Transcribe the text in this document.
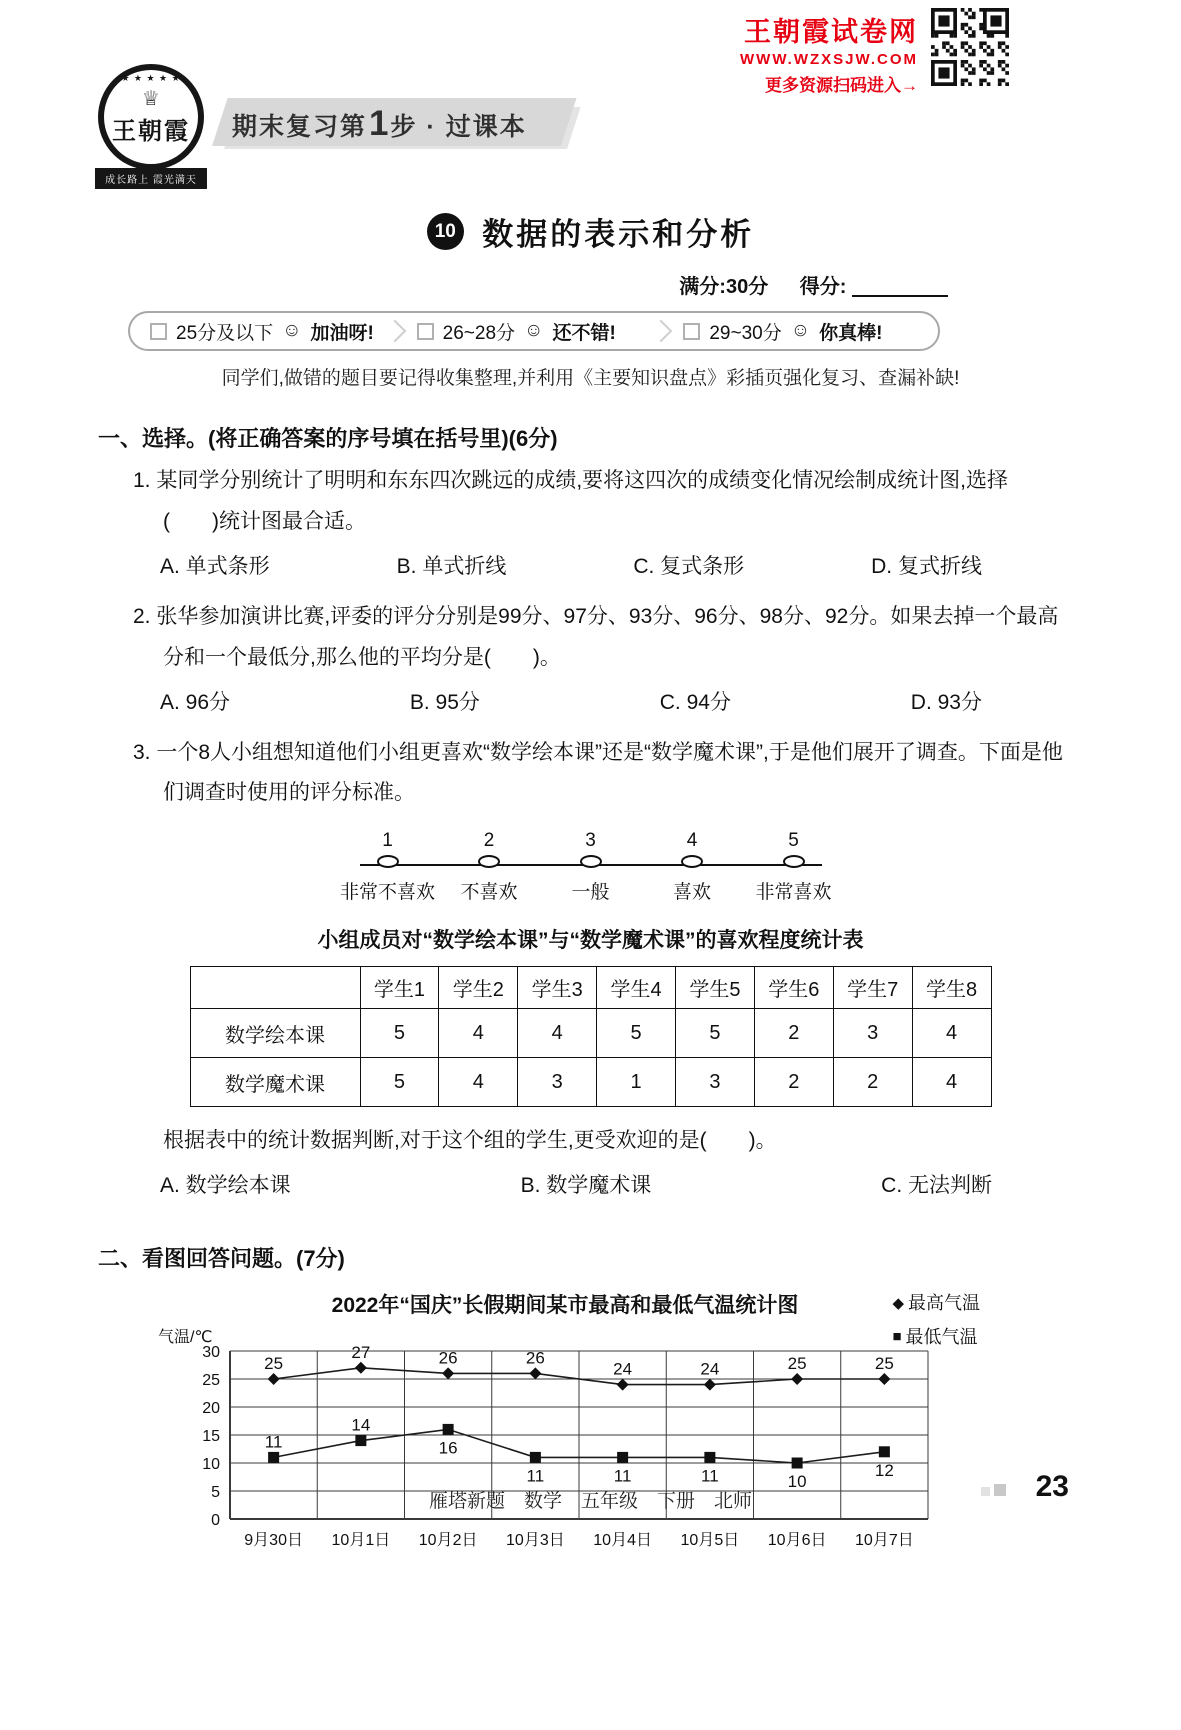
★ ★ ★ ★ ★
♕
王朝霞
成长路上 霞光满天
期末复习第1步 · 过课本
王朝霞试卷网
WWW.WZXSJW.COM
更多资源扫码进入→
10 数据的表示和分析
满分:30分 得分:
25分及以下 ☺ 加油呀!	26~28分 ☺ 还不错!	29~30分 ☺ 你真棒!
同学们,做错的题目要记得收集整理,并利用《主要知识盘点》彩插页强化复习、查漏补缺!
一、选择。(将正确答案的序号填在括号里)(6分)

1. 某同学分别统计了明明和东东四次跳远的成绩,要将这四次的成绩变化情况绘制成统计图,选择(　　)统计图最合适。

A. 单式条形	B. 单式折线	C. 复式条形	D. 复式折线

2. 张华参加演讲比赛,评委的评分分别是99分、97分、93分、96分、98分、92分。如果去掉一个最高分和一个最低分,那么他的平均分是(　　)。

A. 96分	B. 95分	C. 94分	D. 93分

3. 一个8人小组想知道他们小组更喜欢“数学绘本课”还是“数学魔术课”,于是他们展开了调查。下面是他们调查时使用的评分标准。

1
非常不喜欢
2
不喜欢
3
一般
4
喜欢
5
非常喜欢
小组成员对“数学绘本课”与“数学魔术课”的喜欢程度统计表
	学生1	学生2	学生3	学生4	学生5	学生6	学生7	学生8
数学绘本课	5	4	4	5	5	2	3	4
数学魔术课	5	4	3	1	3	2	2	4

根据表中的统计数据判断,对于这个组的学生,更受欢迎的是(　　)。

A. 数学绘本课	B. 数学魔术课	C. 无法判断
二、看图回答问题。(7分)
2022年“国庆”长假期间某市最高和最低气温统计图	◆ 最高气温
■ 最低气温
0
5
10
15
20
25
30
9月30日 10月1日 10月2日 10月3日 10月4日 10月5日 10月6日 10月7日
气温/℃
25
27	26	26
24	24	25	25
11
14
16
11	11	11	10
12
雁塔新题　数学　五年级　下册　北师	23
